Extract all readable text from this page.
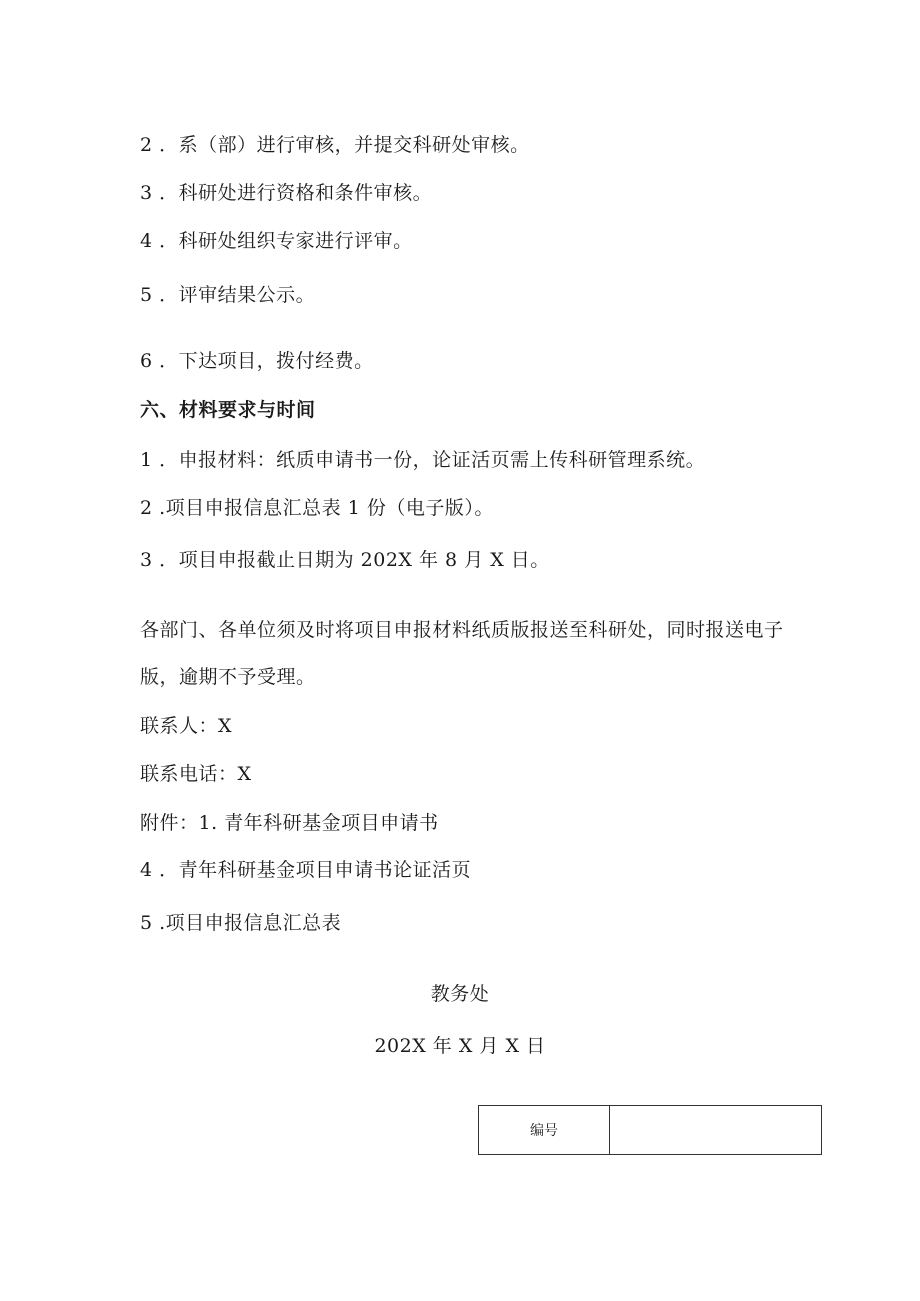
2 ．系（部）进行审核，并提交科研处审核。
3 ．科研处进行资格和条件审核。
4 ．科研处组织专家进行评审。
5 ．评审结果公示。
6 ．下达项目，拨付经费。
六、材料要求与时间
1 ．申报材料：纸质申请书一份，论证活页需上传科研管理系统。
2 .项目申报信息汇总表 1 份（电子版）。
3 ．项目申报截止日期为 202X 年 8 月 X 日。
各部门、各单位须及时将项目申报材料纸质版报送至科研处，同时报送电子
版，逾期不予受理。
联系人：X
联系电话：X
附件：1. 青年科研基金项目申请书
4 ．青年科研基金项目申请书论证活页
5 .项目申报信息汇总表
教务处
202X 年 X 月 X 日
编号	
